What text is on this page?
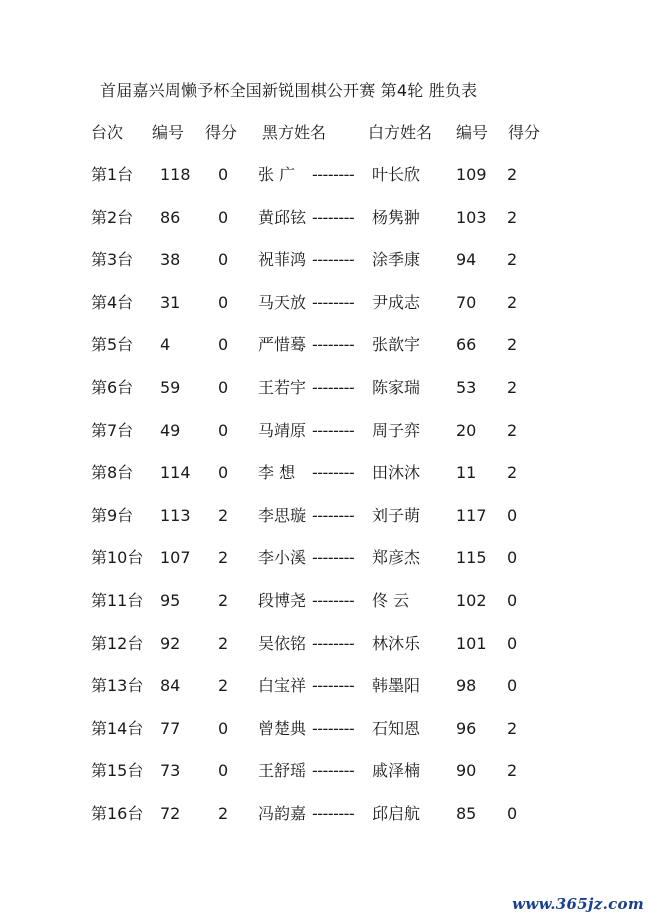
首届嘉兴周懒予杯全国新锐围棋公开赛 第4轮 胜负表
台次 编号 得分 黑方姓名	白方姓名 编号 得分
第1台 118 0 张 广 -------- 叶长欣 109 2
第2台 86 0 黄邱铉 -------- 杨隽翀 103 2
第3台 38 0 祝菲鸿 -------- 涂季康 94 2
第4台 31 0 马天放 -------- 尹成志 70 2
第5台 4	0 严惜蓦 -------- 张歆宇 66 2
第6台 59 0 王若宇 -------- 陈家瑞 53 2
第7台 49 0 马靖原 -------- 周子弈 20 2
第8台 114 0 李 想 -------- 田沐沐 11 2
第9台 113 2 李思璇 -------- 刘子萌 117 0
第10台 107 2 李小溪 -------- 郑彦杰 115 0
第11台 95 2 段博尧 -------- 佟 云	102 0
第12台 92 2 吴依铭 -------- 林沐乐 101 0
第13台 84 2 白宝祥 -------- 韩墨阳 98 0
第14台 77 0 曾楚典 -------- 石知恩 96 2
第15台 73 0 王舒瑶 -------- 戚泽楠 90 2
第16台 72 2 冯韵嘉 -------- 邱启航 85 0
www.365jz.com
